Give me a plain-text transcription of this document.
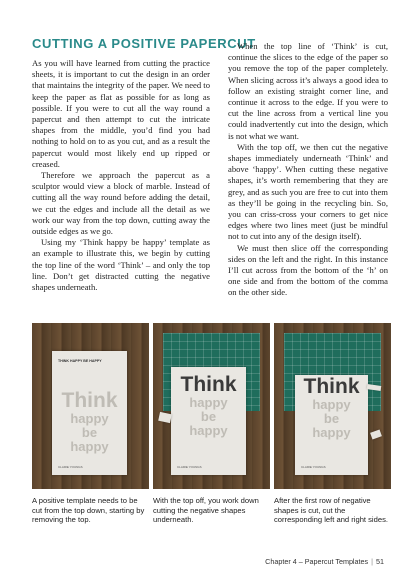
CUTTING A POSITIVE PAPERCUT

As you will have learned from cutting the practice sheets, it is important to cut the design in an order that maintains the integrity of the paper. We need to keep the paper as flat as possible for as long as possible. If you were to cut all the way round a papercut and then attempt to cut the intricate shapes from the middle, you’d find you had nothing to hold on to as you cut, and as a result the papercut would most likely end up ripped or creased.

Therefore we approach the papercut as a sculptor would view a block of marble. Instead of cutting all the way round before adding the detail, we cut the edges and include all the detail as we work our way from the top down, cutting away the outside edges as we go.

Using my ‘Think happy be happy’ template as an example to illustrate this, we begin by cutting the top line of the word ‘Think’ – and only the top line. Don’t get distracted cutting the negative shapes underneath.

When the top line of ‘Think’ is cut, continue the slices to the edge of the paper so you remove the top of the paper completely. When slicing across it’s always a good idea to follow an existing straight corner line, and continue it across to the edge. If you were to cut the line across from a vertical line you could inadvertently cut into the design, which is not what we want.

With the top off, we then cut the negative shapes immediately underneath ‘Think’ and above ‘happy’. When cutting these negative shapes, it’s worth remembering that they are grey, and as such you are free to cut into them as they’ll be going in the recycling bin. So, you can criss-cross your corners to get nice edges where two lines meet (just be mindful not to cut into any of the design itself).

We must then slice off the corresponding sides on the left and the right. In this instance I’ll cut across from the bottom of the ‘h’ on one side and from the bottom of the comma on the other side.

THINK HAPPY BE HAPPY
Think
happy
be
happy
CLAIRE YOUNGS
Think
happy
be
happy
CLAIRE YOUNGS
Think
happy
be
happy
CLAIRE YOUNGS
A positive template needs to be cut from the top down, starting by removing the top.
With the top off, you work down cutting the negative shapes underneath.
After the first row of negative shapes is cut, cut the corresponding left and right sides.
Chapter 4 – Papercut Templates | 51
